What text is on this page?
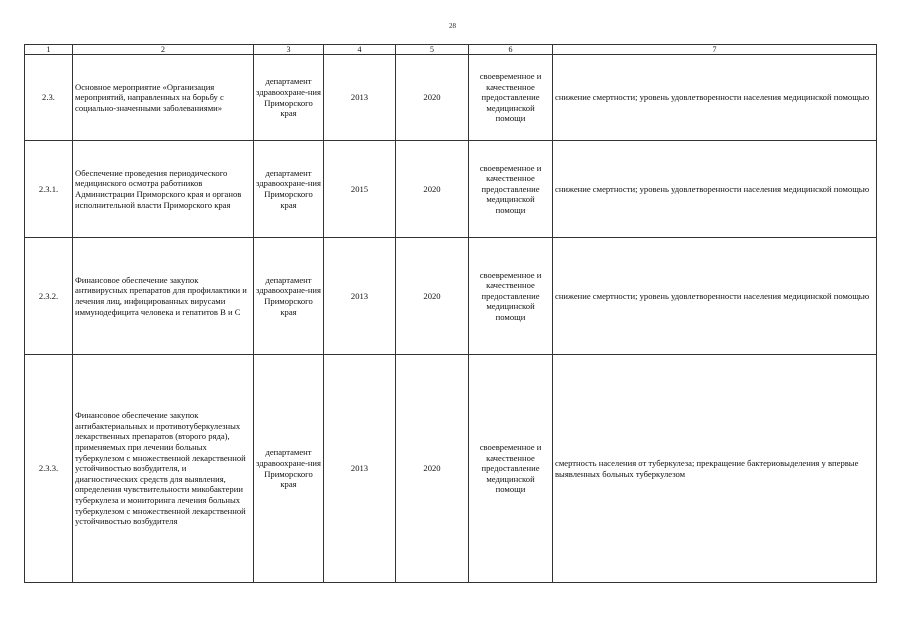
28
1	2	3	4	5	6	7
2.3.	Основное мероприятие «Организация мероприятий, направленных на борьбу с социально-значенными заболеваниями»	департамент здравоохране-ния Приморского края	2013	2020	своевременное и качественное предоставление медицинской помощи	снижение смертности; уровень удовлетворенности населения медицинской помощью
2.3.1.	Обеспечение проведения периодического медицинского осмотра работников Администрации Приморского края и органов исполнительной власти Приморского края	департамент здравоохране-ния Приморского края	2015	2020	своевременное и качественное предоставление медицинской помощи	снижение смертности; уровень удовлетворенности населения медицинской помощью
2.3.2.	Финансовое обеспечение закупок антивирусных препаратов для профилактики и лечения лиц, инфицированных вирусами иммунодефицита человека и гепатитов В и С	департамент здравоохране-ния Приморского края	2013	2020	своевременное и качественное предоставление медицинской помощи	снижение смертности; уровень удовлетворенности населения медицинской помощью
2.3.3.	Финансовое обеспечение закупок антибактериальных и противотуберкулезных лекарственных препаратов (второго ряда), применяемых при лечении больных туберкулезом с множественной лекарственной устойчивостью возбудителя, и диагностических средств для выявления, определения чувствительности микобактерии туберкулеза и мониторинга лечения больных туберкулезом с множественной лекарственной устойчивостью возбудителя	департамент здравоохране-ния Приморского края	2013	2020	своевременное и качественное предоставление медицинской помощи	смертность населения от туберкулеза; прекращение бактериовыделения у впервые выявленных больных туберкулезом
